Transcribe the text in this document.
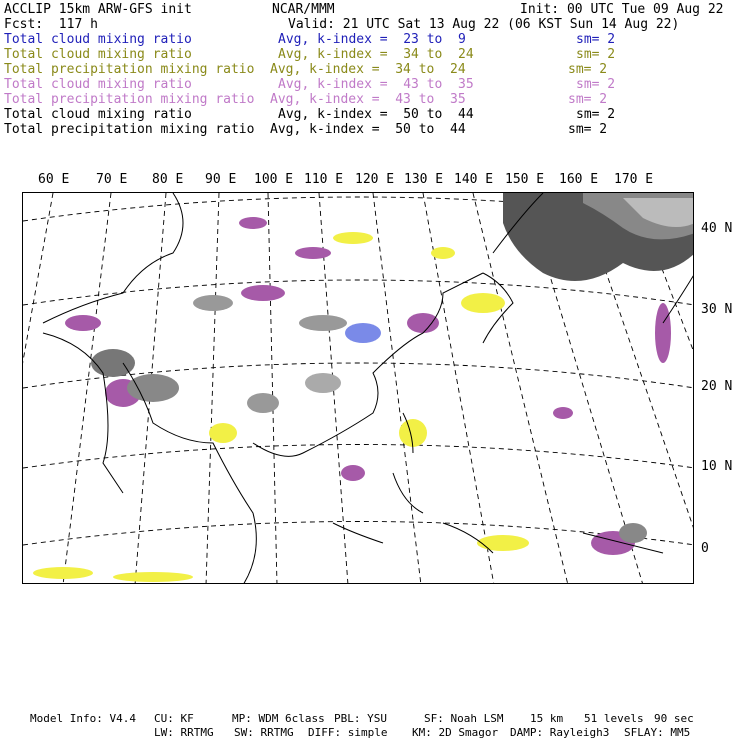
ACCLIP 15km ARW-GFS init	NCAR/MMM	Init: 00 UTC Tue 09 Aug 22
Fcst:  117 h	Valid: 21 UTC Sat 13 Aug 22 (06 KST Sun 14 Aug 22)
Total cloud mixing ratio	Avg, k-index =  23 to  9	sm= 2
Total cloud mixing ratio	Avg, k-index =  34 to  24	sm= 2
Total precipitation mixing ratio Avg, k-index =  34 to  24	sm= 2
Total cloud mixing ratio	Avg, k-index =  43 to  35	sm= 2
Total precipitation mixing ratio Avg, k-index =  43 to  35	sm= 2
Total cloud mixing ratio	Avg, k-index =  50 to  44	sm= 2
Total precipitation mixing ratio Avg, k-index =  50 to  44	sm= 2
60 E 70 E 80 E 90 E 100 E 110 E 120 E 130 E 140 E 150 E 160 E 170 E
40 N
30 N
20 N
10 N
0
Model Info: V4.4 CU: KF	MP: WDM 6class PBL: YSU	SF: Noah LSM 15 km 51 levels 90 sec
LW: RRTMG SW: RRTMG DIFF: simple KM: 2D Smagor DAMP: Rayleigh3 SFLAY: MM5
